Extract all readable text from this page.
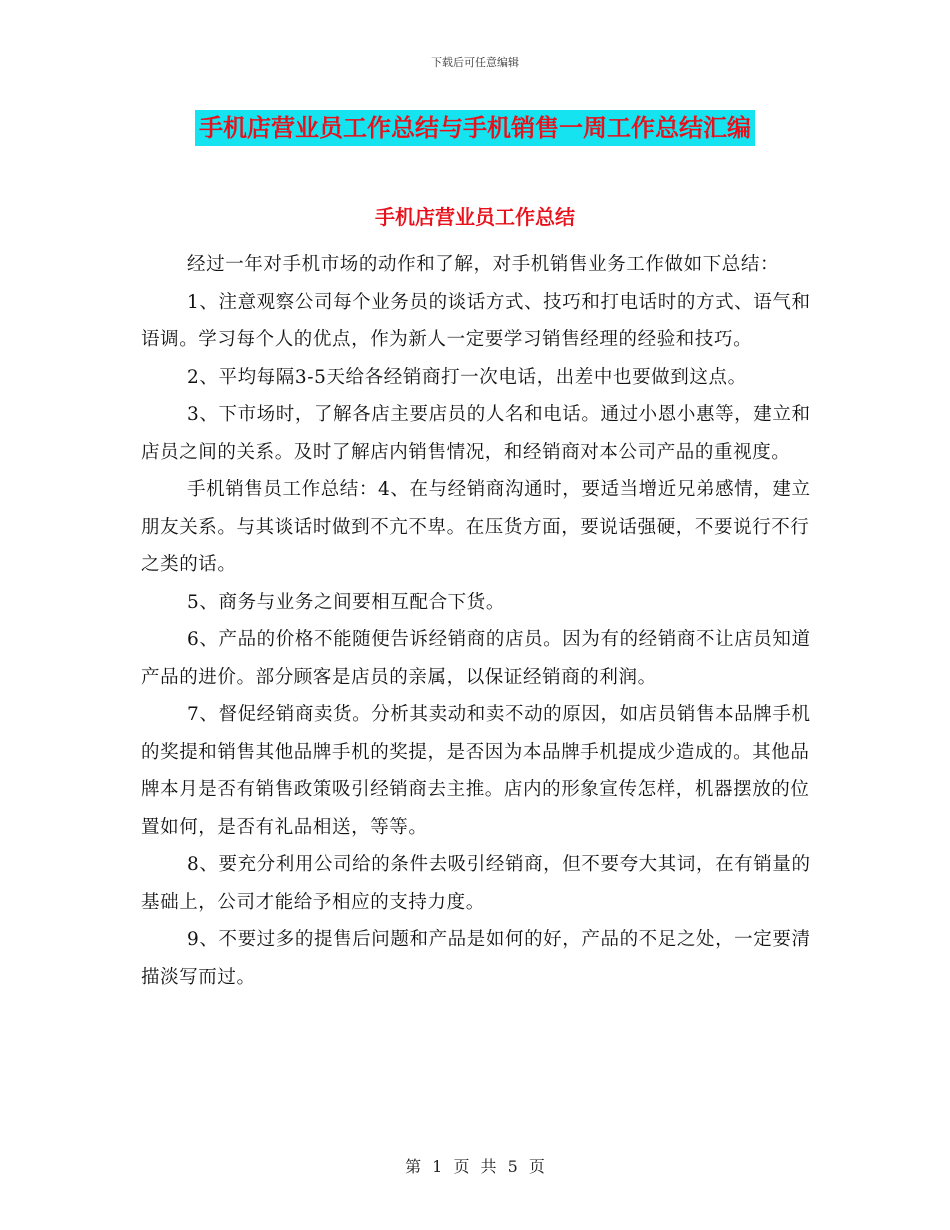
下载后可任意编辑
手机店营业员工作总结与手机销售一周工作总结汇编
手机店营业员工作总结

经过一年对手机市场的动作和了解，对手机销售业务工作做如下总结：

1、注意观察公司每个业务员的谈话方式、技巧和打电话时的方式、语气和语调。学习每个人的优点，作为新人一定要学习销售经理的经验和技巧。

2、平均每隔3-5天给各经销商打一次电话，出差中也要做到这点。

3、下市场时，了解各店主要店员的人名和电话。通过小恩小惠等，建立和店员之间的关系。及时了解店内销售情况，和经销商对本公司产品的重视度。

手机销售员工作总结：4、在与经销商沟通时，要适当增近兄弟感情，建立朋友关系。与其谈话时做到不亢不卑。在压货方面，要说话强硬，不要说行不行之类的话。

5、商务与业务之间要相互配合下货。

6、产品的价格不能随便告诉经销商的店员。因为有的经销商不让店员知道产品的进价。部分顾客是店员的亲属，以保证经销商的利润。

7、督促经销商卖货。分析其卖动和卖不动的原因，如店员销售本品牌手机的奖提和销售其他品牌手机的奖提，是否因为本品牌手机提成少造成的。其他品牌本月是否有销售政策吸引经销商去主推。店内的形象宣传怎样，机器摆放的位置如何，是否有礼品相送，等等。

8、要充分利用公司给的条件去吸引经销商，但不要夸大其词，在有销量的基础上，公司才能给予相应的支持力度。

9、不要过多的提售后问题和产品是如何的好，产品的不足之处，一定要清描淡写而过。

第 1 页 共 5 页
